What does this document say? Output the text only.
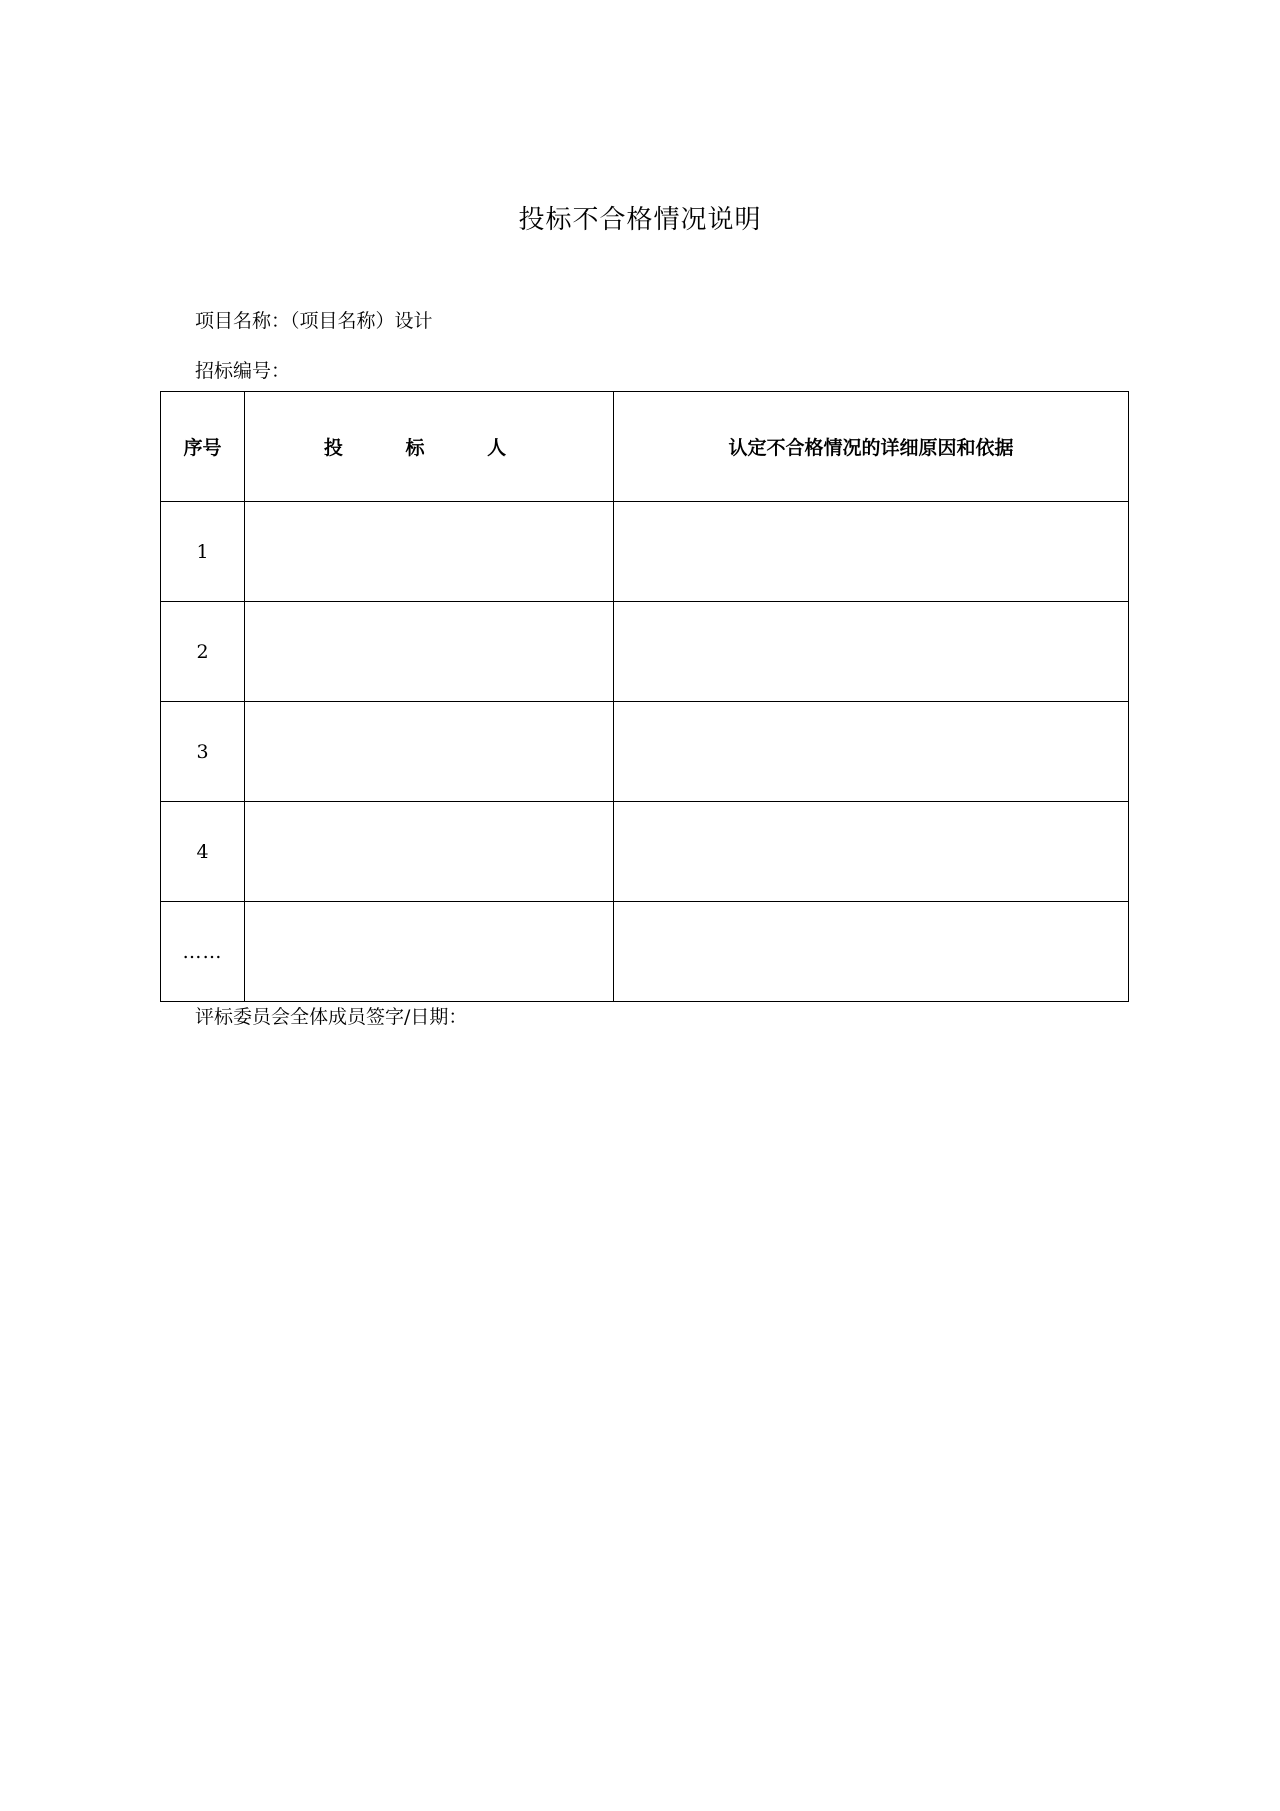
投标不合格情况说明
项目名称：（项目名称）设计
招标编号：
序号	投 标 人	认定不合格情况的详细原因和依据
1		
2		
3		
4		
……		
评标委员会全体成员签字/日期：
